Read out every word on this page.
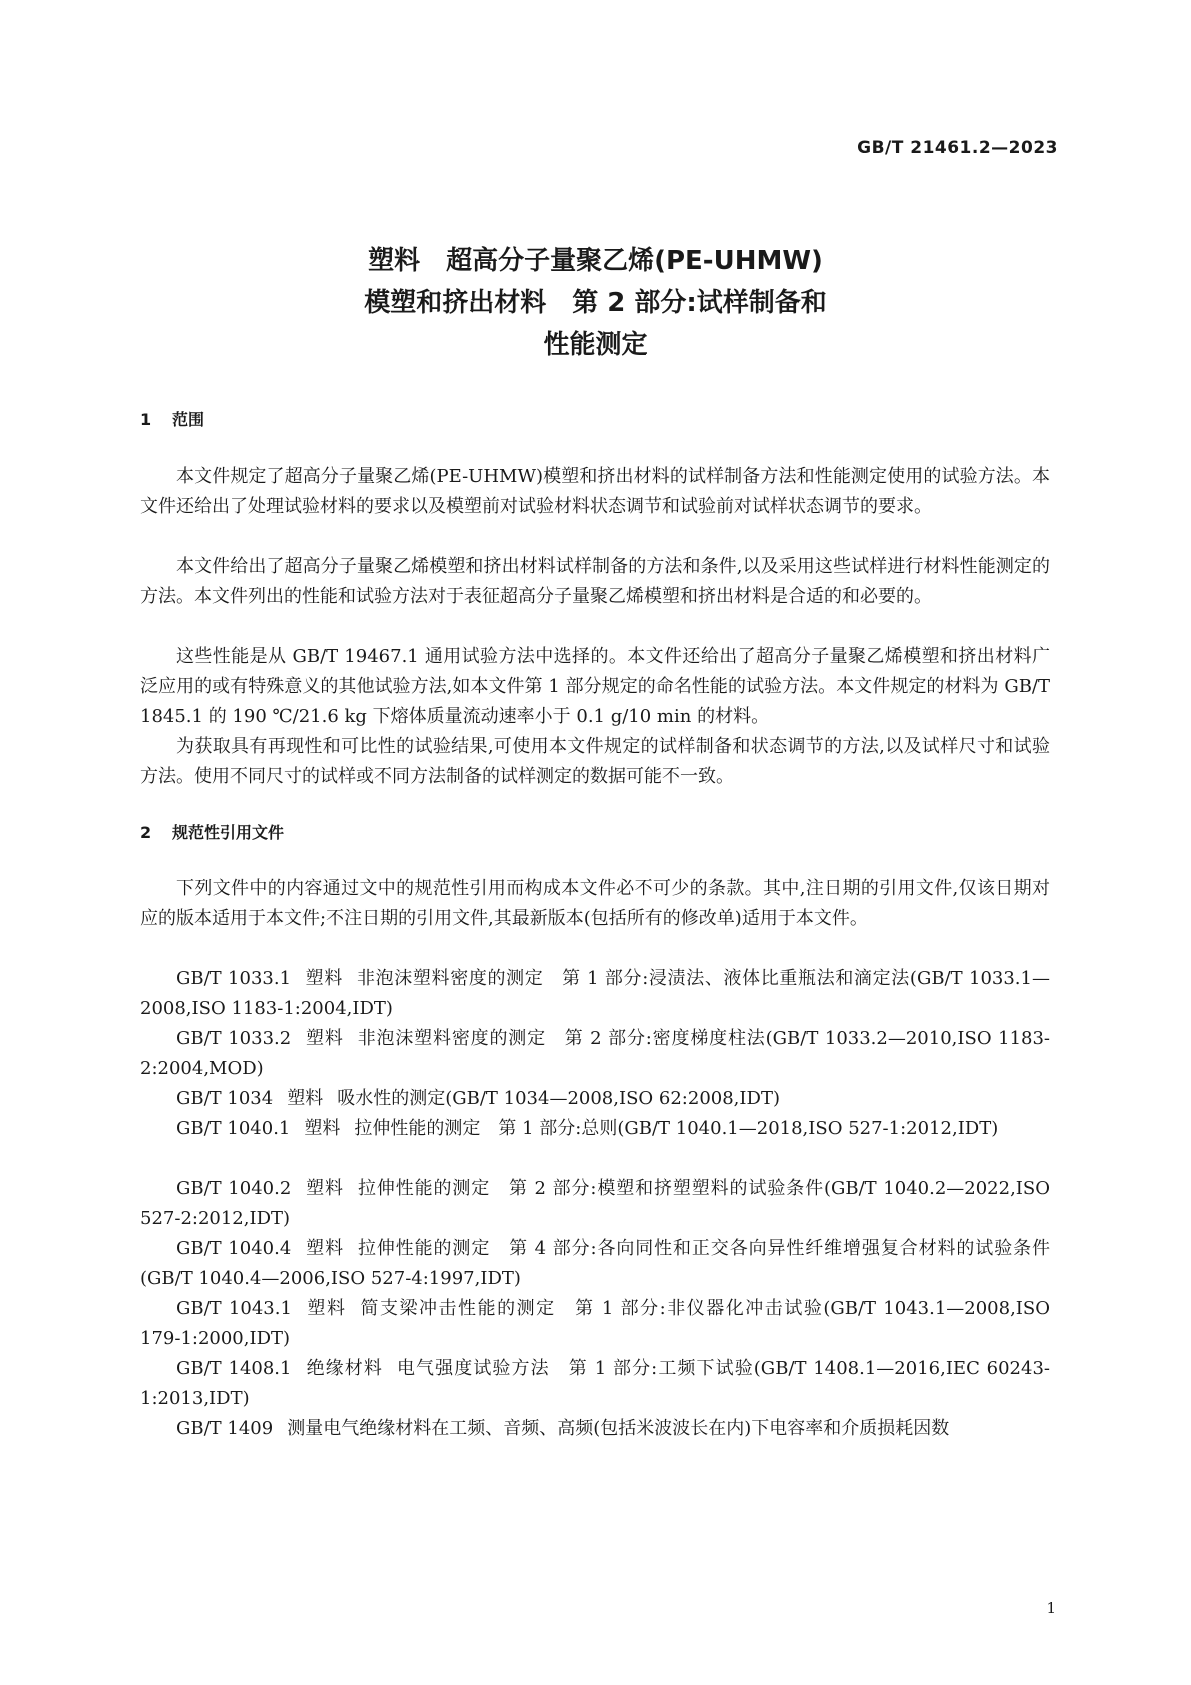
GB/T 21461.2—2023
塑料　超高分子量聚乙烯(PE-UHMW)
模塑和挤出材料　第 2 部分:试样制备和
性能测定
1 范围

本文件规定了超高分子量聚乙烯(PE-UHMW)模塑和挤出材料的试样制备方法和性能测定使用的试验方法。本文件还给出了处理试验材料的要求以及模塑前对试验材料状态调节和试验前对试样状态调节的要求。

本文件给出了超高分子量聚乙烯模塑和挤出材料试样制备的方法和条件,以及采用这些试样进行材料性能测定的方法。本文件列出的性能和试验方法对于表征超高分子量聚乙烯模塑和挤出材料是合适的和必要的。

这些性能是从 GB/T 19467.1 通用试验方法中选择的。本文件还给出了超高分子量聚乙烯模塑和挤出材料广泛应用的或有特殊意义的其他试验方法,如本文件第 1 部分规定的命名性能的试验方法。本文件规定的材料为 GB/T 1845.1 的 190 ℃/21.6 kg 下熔体质量流动速率小于 0.1 g/10 min 的材料。

为获取具有再现性和可比性的试验结果,可使用本文件规定的试样制备和状态调节的方法,以及试样尺寸和试验方法。使用不同尺寸的试样或不同方法制备的试样测定的数据可能不一致。

2 规范性引用文件

下列文件中的内容通过文中的规范性引用而构成本文件必不可少的条款。其中,注日期的引用文件,仅该日期对应的版本适用于本文件;不注日期的引用文件,其最新版本(包括所有的修改单)适用于本文件。

GB/T 1033.1 塑料 非泡沫塑料密度的测定　第 1 部分:浸渍法、液体比重瓶法和滴定法(GB/T 1033.1—2008,ISO 1183-1:2004,IDT)

GB/T 1033.2 塑料 非泡沫塑料密度的测定　第 2 部分:密度梯度柱法(GB/T 1033.2—2010,ISO 1183-2:2004,MOD)

GB/T 1034 塑料 吸水性的测定(GB/T 1034—2008,ISO 62:2008,IDT)

GB/T 1040.1 塑料 拉伸性能的测定　第 1 部分:总则(GB/T 1040.1—2018,ISO 527-1:2012,IDT)

GB/T 1040.2 塑料 拉伸性能的测定　第 2 部分:模塑和挤塑塑料的试验条件(GB/T 1040.2—2022,ISO 527-2:2012,IDT)

GB/T 1040.4 塑料 拉伸性能的测定　第 4 部分:各向同性和正交各向异性纤维增强复合材料的试验条件(GB/T 1040.4—2006,ISO 527-4:1997,IDT)

GB/T 1043.1 塑料 简支梁冲击性能的测定　第 1 部分:非仪器化冲击试验(GB/T 1043.1—2008,ISO 179-1:2000,IDT)

GB/T 1408.1 绝缘材料 电气强度试验方法　第 1 部分:工频下试验(GB/T 1408.1—2016,IEC 60243-1:2013,IDT)

GB/T 1409 测量电气绝缘材料在工频、音频、高频(包括米波波长在内)下电容率和介质损耗因数

1
